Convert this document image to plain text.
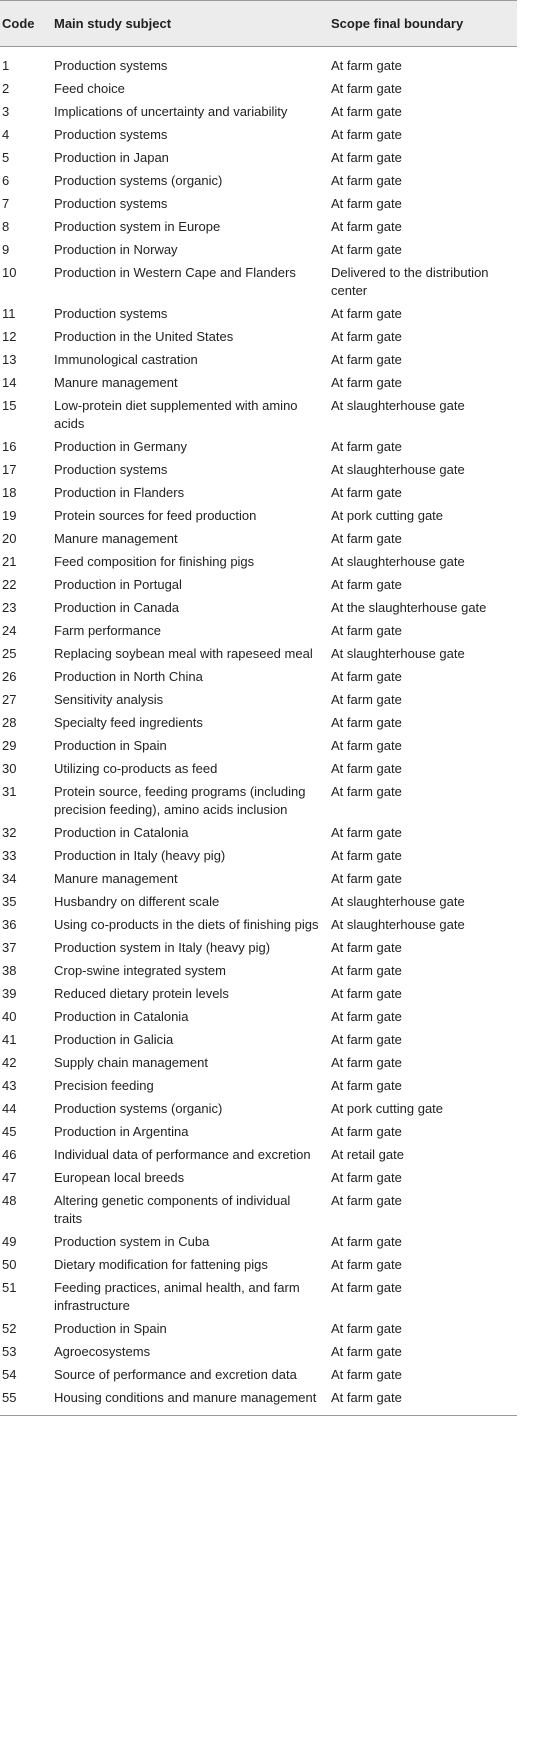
Code	Main study subject	Scope final boundary
1	Production systems	At farm gate
2	Feed choice	At farm gate
3	Implications of uncertainty and variability	At farm gate
4	Production systems	At farm gate
5	Production in Japan	At farm gate
6	Production systems (organic)	At farm gate
7	Production systems	At farm gate
8	Production system in Europe	At farm gate
9	Production in Norway	At farm gate
10	Production in Western Cape and Flanders	Delivered to the distribution center
11	Production systems	At farm gate
12	Production in the United States	At farm gate
13	Immunological castration	At farm gate
14	Manure management	At farm gate
15	Low-protein diet supplemented with amino acids	At slaughterhouse gate
16	Production in Germany	At farm gate
17	Production systems	At slaughterhouse gate
18	Production in Flanders	At farm gate
19	Protein sources for feed production	At pork cutting gate
20	Manure management	At farm gate
21	Feed composition for finishing pigs	At slaughterhouse gate
22	Production in Portugal	At farm gate
23	Production in Canada	At the slaughterhouse gate
24	Farm performance	At farm gate
25	Replacing soybean meal with rapeseed meal	At slaughterhouse gate
26	Production in North China	At farm gate
27	Sensitivity analysis	At farm gate
28	Specialty feed ingredients	At farm gate
29	Production in Spain	At farm gate
30	Utilizing co-products as feed	At farm gate
31	Protein source, feeding programs (including precision feeding), amino acids inclusion	At farm gate
32	Production in Catalonia	At farm gate
33	Production in Italy (heavy pig)	At farm gate
34	Manure management	At farm gate
35	Husbandry on different scale	At slaughterhouse gate
36	Using co-products in the diets of finishing pigs	At slaughterhouse gate
37	Production system in Italy (heavy pig)	At farm gate
38	Crop-swine integrated system	At farm gate
39	Reduced dietary protein levels	At farm gate
40	Production in Catalonia	At farm gate
41	Production in Galicia	At farm gate
42	Supply chain management	At farm gate
43	Precision feeding	At farm gate
44	Production systems (organic)	At pork cutting gate
45	Production in Argentina	At farm gate
46	Individual data of performance and excretion	At retail gate
47	European local breeds	At farm gate
48	Altering genetic components of individual traits	At farm gate
49	Production system in Cuba	At farm gate
50	Dietary modification for fattening pigs	At farm gate
51	Feeding practices, animal health, and farm infrastructure	At farm gate
52	Production in Spain	At farm gate
53	Agroecosystems	At farm gate
54	Source of performance and excretion data	At farm gate
55	Housing conditions and manure management	At farm gate
